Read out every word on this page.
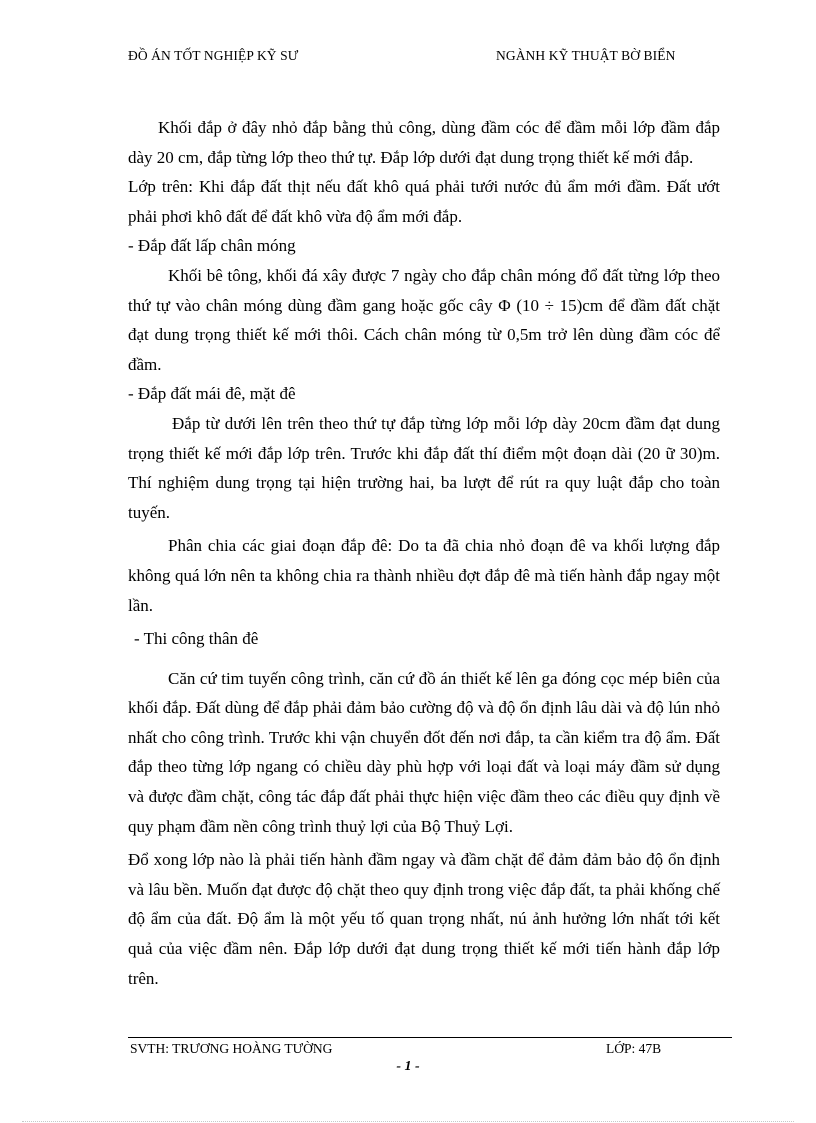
ĐỒ ÁN TỐT NGHIỆP KỸ SƯ	NGÀNH KỸ THUẬT BỜ BIỂN

Khối đắp ở đây nhỏ đắp bằng thủ công, dùng đầm cóc để đầm mỗi lớp đầm đắp dày 20 cm, đắp từng lớp theo thứ tự. Đắp lớp dưới đạt dung trọng thiết kế mới đắp.

Lớp trên: Khi đắp đất thịt nếu đất khô quá phải tưới nước đủ ẩm mới đầm. Đất ướt phải phơi khô đất để đất khô vừa độ ẩm mới đắp.

- Đắp đất lấp chân móng

Khối bê tông, khối đá xây được 7 ngày cho đắp chân móng đổ đất từng lớp theo thứ tự vào chân móng dùng đầm gang hoặc gốc cây Φ (10 ÷ 15)cm để đầm đất chặt đạt dung trọng thiết kế mới thôi. Cách chân móng từ 0,5m trở lên dùng đầm cóc để đầm.

- Đắp đất mái đê, mặt đê

Đắp từ dưới lên trên theo thứ tự đắp từng lớp mỗi lớp dày 20cm đầm đạt dung trọng thiết kế mới đắp lớp trên. Trước khi đắp đất thí điểm một đoạn dài (20 ữ 30)m. Thí nghiệm dung trọng tại hiện trường hai, ba lượt để rút ra quy luật đắp cho toàn tuyến.

Phân chia các giai đoạn đắp đê: Do ta đã chia nhỏ đoạn đê va khối lượng đắp không quá lớn nên ta không chia ra thành nhiều đợt đắp đê mà tiến hành đắp ngay một lần.

- Thi công thân đê

Căn cứ tim tuyến công trình, căn cứ đồ án thiết kế lên ga đóng cọc mép biên của khối đắp. Đất dùng để đắp phải đảm bảo cường độ và độ ổn định lâu dài và độ lún nhỏ nhất cho công trình. Trước khi vận chuyển đốt đến nơi đắp, ta cần kiểm tra độ ẩm. Đất đắp theo từng lớp ngang có chiều dày phù hợp với loại đất và loại máy đầm sử dụng và được đầm chặt, công tác đắp đất phải thực hiện việc đầm theo các điều quy định về quy phạm đầm nền công trình thuỷ lợi của Bộ Thuỷ Lợi.

Đổ xong lớp nào là phải tiến hành đầm ngay và đầm chặt để đảm đảm bảo độ ổn định và lâu bền. Muốn đạt được độ chặt theo quy định trong việc đắp đất, ta phải khống chế độ ẩm của đất. Độ ẩm là một yếu tố quan trọng nhất, nú ảnh hưởng lớn nhất tới kết quả của việc đầm nên. Đắp lớp dưới đạt dung trọng thiết kế mới tiến hành đắp lớp trên.

SVTH: TRƯƠNG HOÀNG TƯỜNG	LỚP: 47B
- 1 -
